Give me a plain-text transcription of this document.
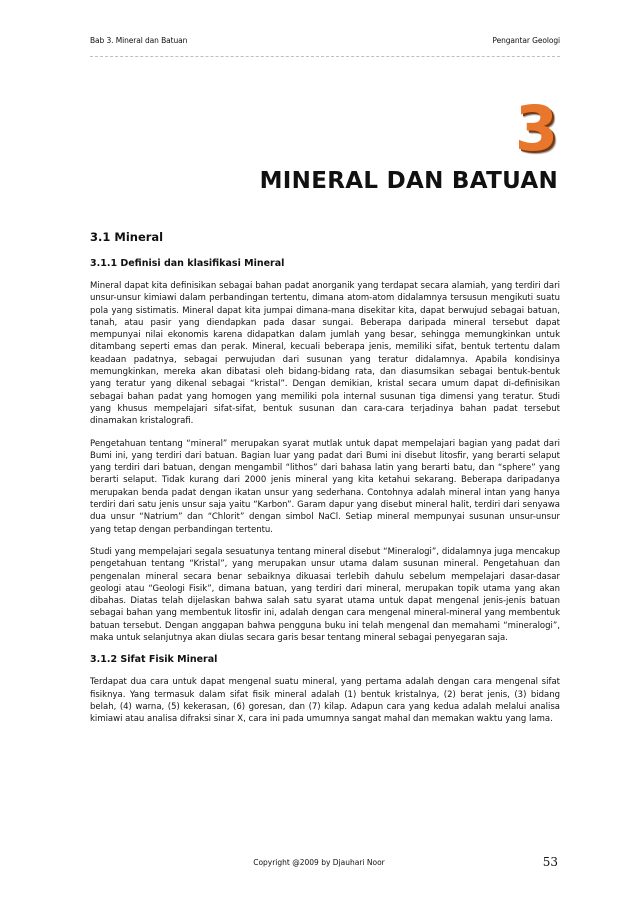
Bab 3. Mineral dan Batuan	Pengantar Geologi
3
MINERAL DAN BATUAN
3.1 Mineral
3.1.1 Definisi dan klasifikasi Mineral

Mineral dapat kita definisikan sebagai bahan padat anorganik yang terdapat secara alamiah, yang terdiri dari unsur-unsur kimiawi dalam perbandingan tertentu, dimana atom-atom didalamnya tersusun mengikuti suatu pola yang sistimatis. Mineral dapat kita jumpai dimana-mana disekitar kita, dapat berwujud sebagai batuan, tanah, atau pasir yang diendapkan pada dasar sungai. Beberapa daripada mineral tersebut dapat mempunyai nilai ekonomis karena didapatkan dalam jumlah yang besar, sehingga memungkinkan untuk ditambang seperti emas dan perak. Mineral, kecuali beberapa jenis, memiliki sifat, bentuk tertentu dalam keadaan padatnya, sebagai perwujudan dari susunan yang teratur didalamnya. Apabila kondisinya memungkinkan, mereka akan dibatasi oleh bidang-bidang rata, dan diasumsikan sebagai bentuk-bentuk yang teratur yang dikenal sebagai “kristal”. Dengan demikian, kristal secara umum dapat di-definisikan sebagai bahan padat yang homogen yang memiliki pola internal susunan tiga dimensi yang teratur. Studi yang khusus mempelajari sifat-sifat, bentuk susunan dan cara-cara terjadinya bahan padat tersebut dinamakan kristalografi.

Pengetahuan tentang “mineral” merupakan syarat mutlak untuk dapat mempelajari bagian yang padat dari Bumi ini, yang terdiri dari batuan. Bagian luar yang padat dari Bumi ini disebut litosfir, yang berarti selaput yang terdiri dari batuan, dengan mengambil “lithos” dari bahasa latin yang berarti batu, dan “sphere” yang berarti selaput. Tidak kurang dari 2000 jenis mineral yang kita ketahui sekarang. Beberapa daripadanya merupakan benda padat dengan ikatan unsur yang sederhana. Contohnya adalah mineral intan yang hanya terdiri dari satu jenis unsur saja yaitu “Karbon”. Garam dapur yang disebut mineral halit, terdiri dari senyawa dua unsur “Natrium” dan “Chlorit” dengan simbol NaCl. Setiap mineral mempunyai susunan unsur-unsur yang tetap dengan perbandingan tertentu.

Studi yang mempelajari segala sesuatunya tentang mineral disebut “Mineralogi”, didalamnya juga mencakup pengetahuan tentang “Kristal”, yang merupakan unsur utama dalam susunan mineral. Pengetahuan dan pengenalan mineral secara benar sebaiknya dikuasai terlebih dahulu sebelum mempelajari dasar-dasar geologi atau “Geologi Fisik”, dimana batuan, yang terdiri dari mineral, merupakan topik utama yang akan dibahas. Diatas telah dijelaskan bahwa salah satu syarat utama untuk dapat mengenal jenis-jenis batuan sebagai bahan yang membentuk litosfir ini, adalah dengan cara mengenal mineral-mineral yang membentuk batuan tersebut. Dengan anggapan bahwa pengguna buku ini telah mengenal dan memahami “mineralogi”, maka untuk selanjutnya akan diulas secara garis besar tentang mineral sebagai penyegaran saja.

3.1.2 Sifat Fisik Mineral

Terdapat dua cara untuk dapat mengenal suatu mineral, yang pertama adalah dengan cara mengenal sifat fisiknya. Yang termasuk dalam sifat fisik mineral adalah (1) bentuk kristalnya, (2) berat jenis, (3) bidang belah, (4) warna, (5) kekerasan, (6) goresan, dan (7) kilap. Adapun cara yang kedua adalah melalui analisa kimiawi atau analisa difraksi sinar X, cara ini pada umumnya sangat mahal dan memakan waktu yang lama.

Copyright @2009 by Djauhari Noor	53
